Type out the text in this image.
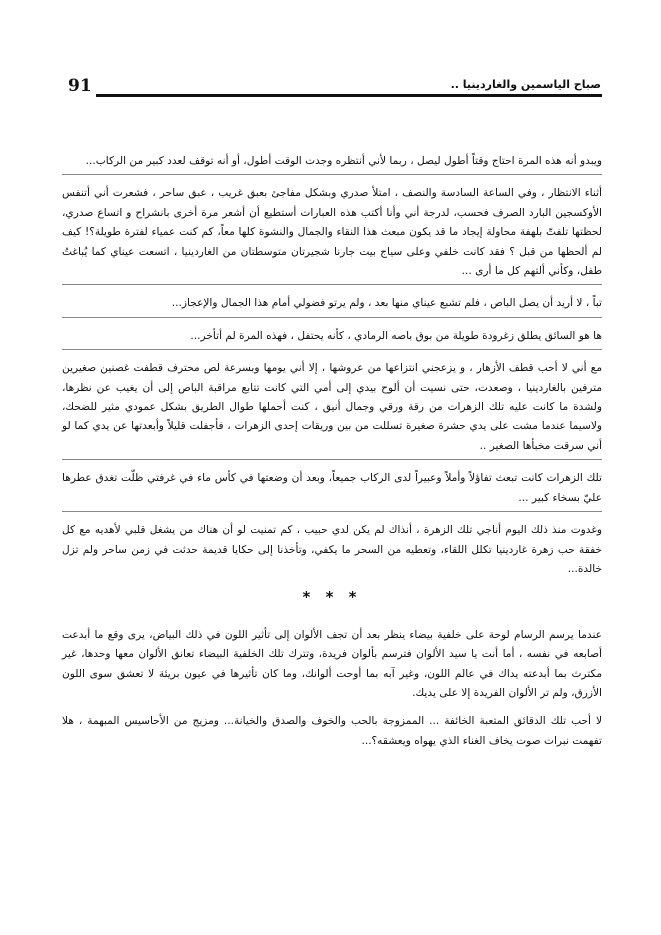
91	صباح الياسمين والغاردينيا ..

ويبدو أنه هذه المرة احتاج وقتاً أطول ليصل ، ربما لأني أنتظره وجدت الوقت أطول، أو أنه توقف لعدد كبير من الركاب...

أثناء الانتظار ، وفي الساعة السادسة والنصف ، امتلأ صدري وبشكل مفاجئ بعبق غريب ، عبق ساحر ، فشعرت أني أتنفس الأوكسجين البارد الصرف فحسب، لدرجة أني وأنا أكتب هذه العبارات أستطيع أن أشعر مرة أخرى بانشراح و اتساع صدري، لحظتها تلفتّ بلهفة محاولة إيجاد ما قد يكون مبعث هذا النقاء والجمال والنشوة كلها معاً، كم كنت عمياء لفترة طويلة؟! كيف لم ألحظها من قبل ؟ فقد كانت خلفي وعلى سياج بيت جارنا شجيرتان متوسطتان من الغاردينيا ، اتسعت عيناي كما يُباغتُ طفل، وكأني ألتهم كل ما أرى ...

تباً ، لا أريد أن يصل الباص ، فلم تشبع عيناي منها بعد ، ولم يرتو فضولي أمام هذا الجمال والإعجاز...

ها هو السائق يطلق زغرودة طويلة من بوق باصه الرمادي ، كأنه يحتفل ، فهذه المرة لم أتأخر...

مع أني لا أحب قطف الأزهار ، و يزعجني انتزاعها من عروشها ، إلا أني يومها وبسرعة لص محترف قطفت غصنين صغيرين مترفين بالغاردينيا ، وصعدت، حتى نسيت أن ألوح بيدي إلى أمي التي كانت تتابع مراقبة الباص إلى أن يغيب عن نظرها، ولشدة ما كانت عليه تلك الزهرات من رقة ورقي وجمال أنيق ، كنت أحملها طوال الطريق بشكل عمودي مثير للضحك، ولاسيما عندما مشت على يدي حشرة صغيرة تسللت من بين وريقات إحدى الزهرات ، فأجفلت قليلاً وأبعدتها عن يدي كما لو أني سرقت مخبأها الصغير ..

تلك الزهرات كانت تبعث تفاؤلاً وأملاً وعبيراً لدى الركاب جميعاً، وبعد أن وضعتها في كأس ماء في غرفتي ظلّت تغدق عطرها عليّ بسخاء كبير ...

وغدوت منذ ذلك اليوم أناجي تلك الزهرة ، أنذاك لم يكن لدي حبيب ، كم تمنيت لو أن هناك من يشغل قلبي لأهديه مع كل خفقة حب زهرة غاردينيا تكلل اللقاء، وتعطيه من السحر ما يكفي، وتأخذنا إلى حكايا قديمة حدثت في زمن ساحر ولم تزل خالدة...

* * *

عندما يرسم الرسام لوحة على خلفية بيضاء ينظر بعد أن تجف الألوان إلى تأثير اللون في ذلك البياض، يرى وقع ما أبدعت أصابعه في نفسه ، أما أنت يا سيد الألوان فترسم بألوان فريدة، وتترك تلك الخلفية البيضاء تعانق الألوان معها وحدها، غير مكترث بما أبدعته يداك في عالم اللون، وغير آبه بما أوحت ألوانك، وما كان تأثيرها في عيون بريئة لا تعشق سوى اللون الأزرق، ولم تر الألوان الفريدة إلا على يديك.

لا أحب تلك الدقائق المتعبة الخائفة ... الممزوجة بالحب والخوف والصدق والخيانة... ومزيج من الأحاسيس المبهمة ، هلا تفهمت نبرات صوت يخاف الغناء الذي يهواه ويعشقه؟...
